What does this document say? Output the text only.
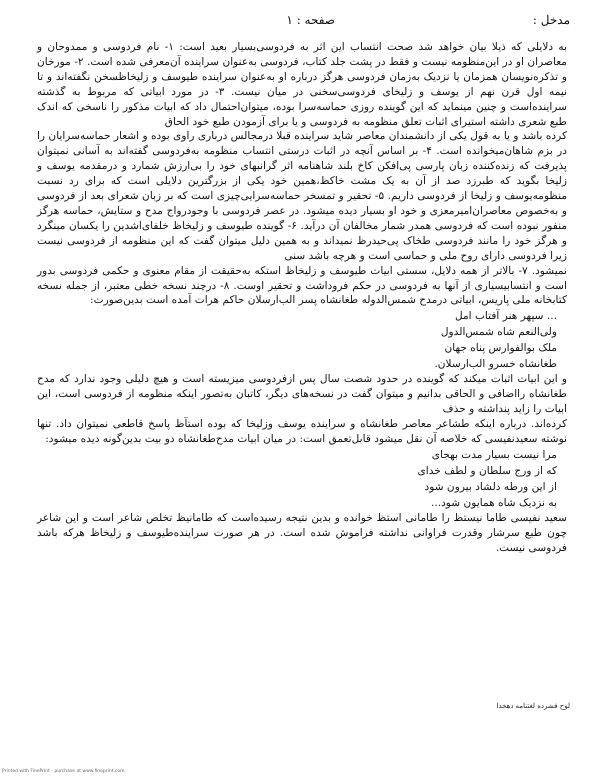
مدخل :
صفحه : ۱

به دلایلی که ذیلا بیان خواهد شد صحت انتساب این اثر به فردوسی‌بسیار بعید است: ۱- نام فردوسی و ممدوحان و معاصران او در این‌منظومه نیست و فقط در پشت جلد کتاب، فردوسی به‌عنوان سراینده آن‌معرفی شده است. ۲- مورخان و تذکره‌نویسان همزمان یا نزدیک به‌زمان فردوسی هرگز درباره او به‌عنوان سراینده طیوسف و زلیخاظسخن نگفته‌اند و تا نیمه اول قرن نهم از یوسف و زلیخای فردوسی‌سخنی در میان نیست. ۳- در مورد ابیاتی که مربوط به گذشته سراینده‌است و چنین مینماید که این گوینده روزی حماسه‌سرا بوده، میتوان‌احتمال داد که ابیات مذکور را ناسخی که اندک طبع شعری داشته استیرای اثبات تعلق منظومه به فردوسی و یا برای آزمودن طبع خود الحاق

کرده باشد و یا به قول یکی از دانشمندان معاصر شاید سراینده قبلا درمجالس درباری راوی بوده و اشعار حماسه‌سرایان را در بزم شاهان‌میخوانده است. ۴- بر اساس آنچه در اثبات درستی انتساب منظومه به‌فردوسی گفته‌اند به آسانی نمیتوان پذیرفت که زنده‌کننده زبان پارسی پی‌افکن کاخ بلند شاهنامه اثر گرانبهای خود را بی‌ارزش شمارد و درمقدمه یوسف و زلیخا بگوید که طبرزد صد از آن به یک مشت خاکظ،همین خود یکی از بزرگترین دلایلی است که برای رد نسبت منظومه‌یوسف و زلیخا از فردوسی داریم. ۵- تحقیر و تمسخر حماسه‌سرایی‌چیزی است که بر زبان شعرای بعد از فردوسی و به‌خصوص معاصران‌امیرمعزی و خود او بسیار دیده میشود. در عصر فردوسی با وجودرواج مدح و ستایش، حماسه هرگز منفور نبوده است که فردوسی همدر شمار مخالفان آن درآید. ۶- گوینده طیوسف و زلیخاظ خلفای‌اشدین را یکسان مینگرد و هرگز خود را مانند فردوسی طخاک پی‌حیدرظ نمیداند و به همین دلیل میتوان گفت که این منظومه از فردوسی نیست زیرا فردوسی دارای روح ملی و حماسی است و هرچه باشد سنی

نمیشود. ۷- بالاتر از همه دلایل، سستی ابیات طیوسف و زلیخاظ استکه به‌حقیقت از مقام معنوی و حکمی فردوسی بدور است و انتسابیسیاری از آنها به فردوسی در حکم فروداشت و تحقیر اوست. ۸- درچند نسخه خطی معتبر، از جمله نسخه کتابخانه ملی پاریس، ابیاتی درمدح شمس‌الدوله طغانشاه پسر الب‌ارسلان حاکم هرات آمده است بدین‌صورت:

... سپهر هنر آفتاب امل

ولی‌النعم شاه شمس‌الدول

ملک بوالفوارس پناه جهان

طغانشاه خسرو الب‌ارسلان.

و این ابیات اثبات میکند که گوینده در حدود شصت سال پس ازفردوسی میزیسته است و هیچ دلیلی وجود ندارد که مدح طغانشاه رااضافی و الحاقی بدانیم و میتوان گفت در نسخه‌های دیگر، کاتبان به‌تصور اینکه منظومه از فردوسی است، این ابیات را زاید پنداشته و حذف

کرده‌اند. درباره اینکه طشاعر معاصر طغانشاه و سراینده یوسف وزلیخا که بوده استآظ پاسخ قاطعی نمیتوان داد. تنها نوشته سعیدنفیسی که خلاصه آن نقل میشود قابل‌تعمق است: در میان ابیات مدح‌طغانشاه دو بیت بدین‌گونه دیده میشود:

مرا نیست بسیار مدت بهجای

که از ورج سلطان و لطف خدای

از این ورطه دلشاد بیرون شود

به نزدیک شاه همایون شود...

سعید نفیسی طاما نیستظ را طامانی استظ خوانده و بدین نتیجه رسیده‌است که طامانیظ تخلص شاعر است و این شاعر چون طبع سرشار وقدرت فراوانی نداشته فراموش شده است. در هر صورت سراینده‌طیوسف و زلیخاظ هرکه باشد فردوسی نیست.

لوح فشرده لغتنامه دهخدا
Printed with FinePrint - purchase at www.fineprint.com
